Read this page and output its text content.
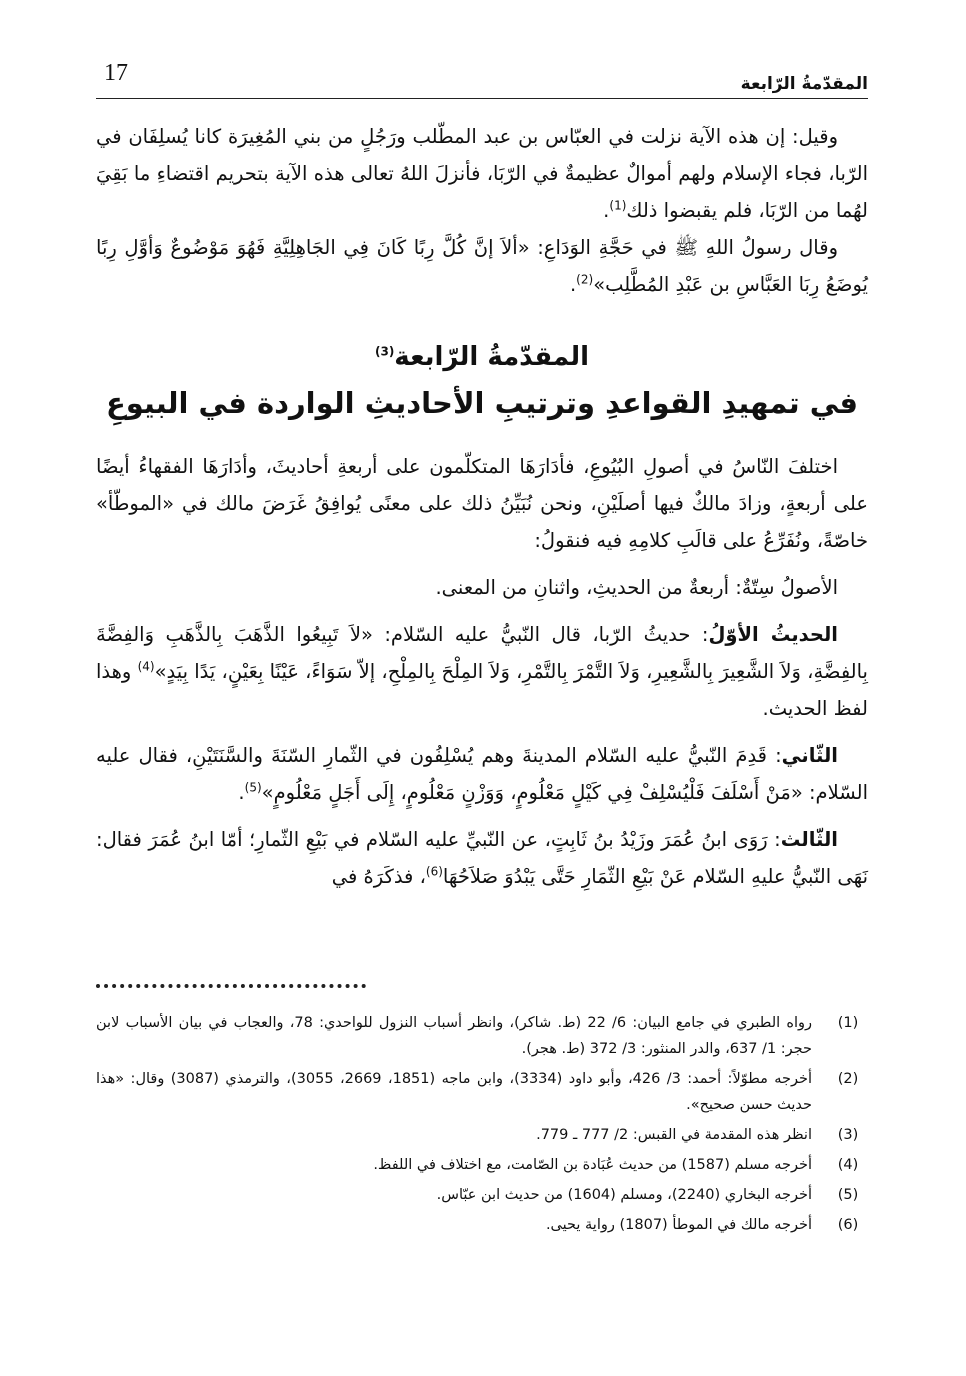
المقدّمةُ الرّابعة
17

وقيل: إن هذه الآية نزلت في العبّاس بن عبد المطّلب ورَجُلٍ من بني المُغِيرَة كانا يُسلِفَان في الرّبا، فجاء الإسلام ولهم أموالٌ عظيمةٌ في الرّبَا، فأنزلَ اللهُ تعالى هذه الآية بتحريم اقتضاءِ ما بَقِيَ لهُما من الرّبَا، فلم يقبضوا ذلك$^{(1)}$.

وقال رسولُ اللهِ ﷺ في حَجَّةِ الوَدَاعِ: «ألاَ إنَّ كُلَّ رِبًا كَانَ فِي الجَاهِلِيَّةِ فَهُوَ مَوْضُوعٌ وَأوَّلِ رِبًا يُوضَعُ رِبَا العَبَّاسِ بن عَبْدِ المُطَّلِب»$^{(2)}$.

المقدّمةُ الرّابعة$^{(3)}$
في تمهيدِ القواعدِ وترتيبِ الأحاديثِ الواردة في البيوعِ

اختلفَ النّاسُ في أصولِ البُيُوعِ، فأدَارَهَا المتكلّمون على أربعةِ أحاديثَ، وأدَارَهَا الفقهاءُ أيضًا على أربعةٍ، وزادَ مالكٌ فيها أصلَيْنِ، ونحن نُبَيِّنُ ذلك على معنًى يُوافِقُ غَرَضَ مالك في «الموطّأ» خاصّةً، ونُفَرِّعُ على قالَبِ كلامِهِ فيه فنقولُ:

الأصولُ سِتّةٌ: أربعةٌ من الحديثِ، واثنانِ من المعنى.

الحديثُ الأوّلُ: حديثُ الرّبا، قال النّبيُّ عليه السّلام: «لاَ تَبِيعُوا الذَّهَبَ بِالذَّهَبِ وَالفِضَّةَ بِالفِضَّةِ، وَلاَ الشَّعِيرَ بِالشَّعِيرِ، وَلاَ التَّمْرَ بِالتَّمْرِ، وَلاَ المِلْحَ بِالمِلْحِ، إلاّ سَوَاءً، عَيْنًا بِعَيْنٍ، يَدًا بِيَدٍ»$^{(4)}$ وهذا لفظ الحديث.

الثّاني: قَدِمَ النّبيُّ عليه السّلام المدينةَ وهم يُسْلِفُون في الثّمارِ السّنَةَ والسَّنَتَيْنِ، فقال عليه السّلام: «مَنْ أَسْلَفَ فَلْيُسْلِفْ فِي كَيْلٍ مَعْلُومٍ، وَوَزْنٍ مَعْلُومٍ، إِلَى أَجَلٍ مَعْلُومٍ»$^{(5)}$.

الثّالث: رَوَى ابنُ عُمَرَ وزَيْدُ بنُ ثَابِتٍ، عن النّبيِّ عليه السّلام في بَيْعِ الثّمارِ؛ أمّا ابنُ عُمَرَ فقال: نَهَى النّبيُّ عليهِ السّلام عَنْ بَيْعِ الثّمَارِ حَتَّى يَبْدُوَ صَلاَحُهَا$^{(6)}$، فذكَرَهُ في

(1)
رواه الطبري في جامع البيان: 6/ 22 (ط. شاكر)، وانظر أسباب النزول للواحدي: 78، والعجاب في بيان الأسباب لابن حجر: 1/ 637، والدر المنثور: 3/ 372 (ط. هجر).
(2)
أخرجه مطوّلاً: أحمد: 3/ 426، وأبو داود (3334)، وابن ماجه (1851، 2669، 3055)، والترمذي (3087) وقال: «هذا حديث حسن صحيح».
(3)
انظر هذه المقدمة في القبس: 2/ 777 ـ 779.
(4)
أخرجه مسلم (1587) من حديث عُبَادة بن الصّامت، مع اختلاف في اللفظ.
(5)
أخرجه البخاري (2240)، ومسلم (1604) من حديث ابن عبّاس.
(6)
أخرجه مالك في الموطأ (1807) رواية يحيى.
